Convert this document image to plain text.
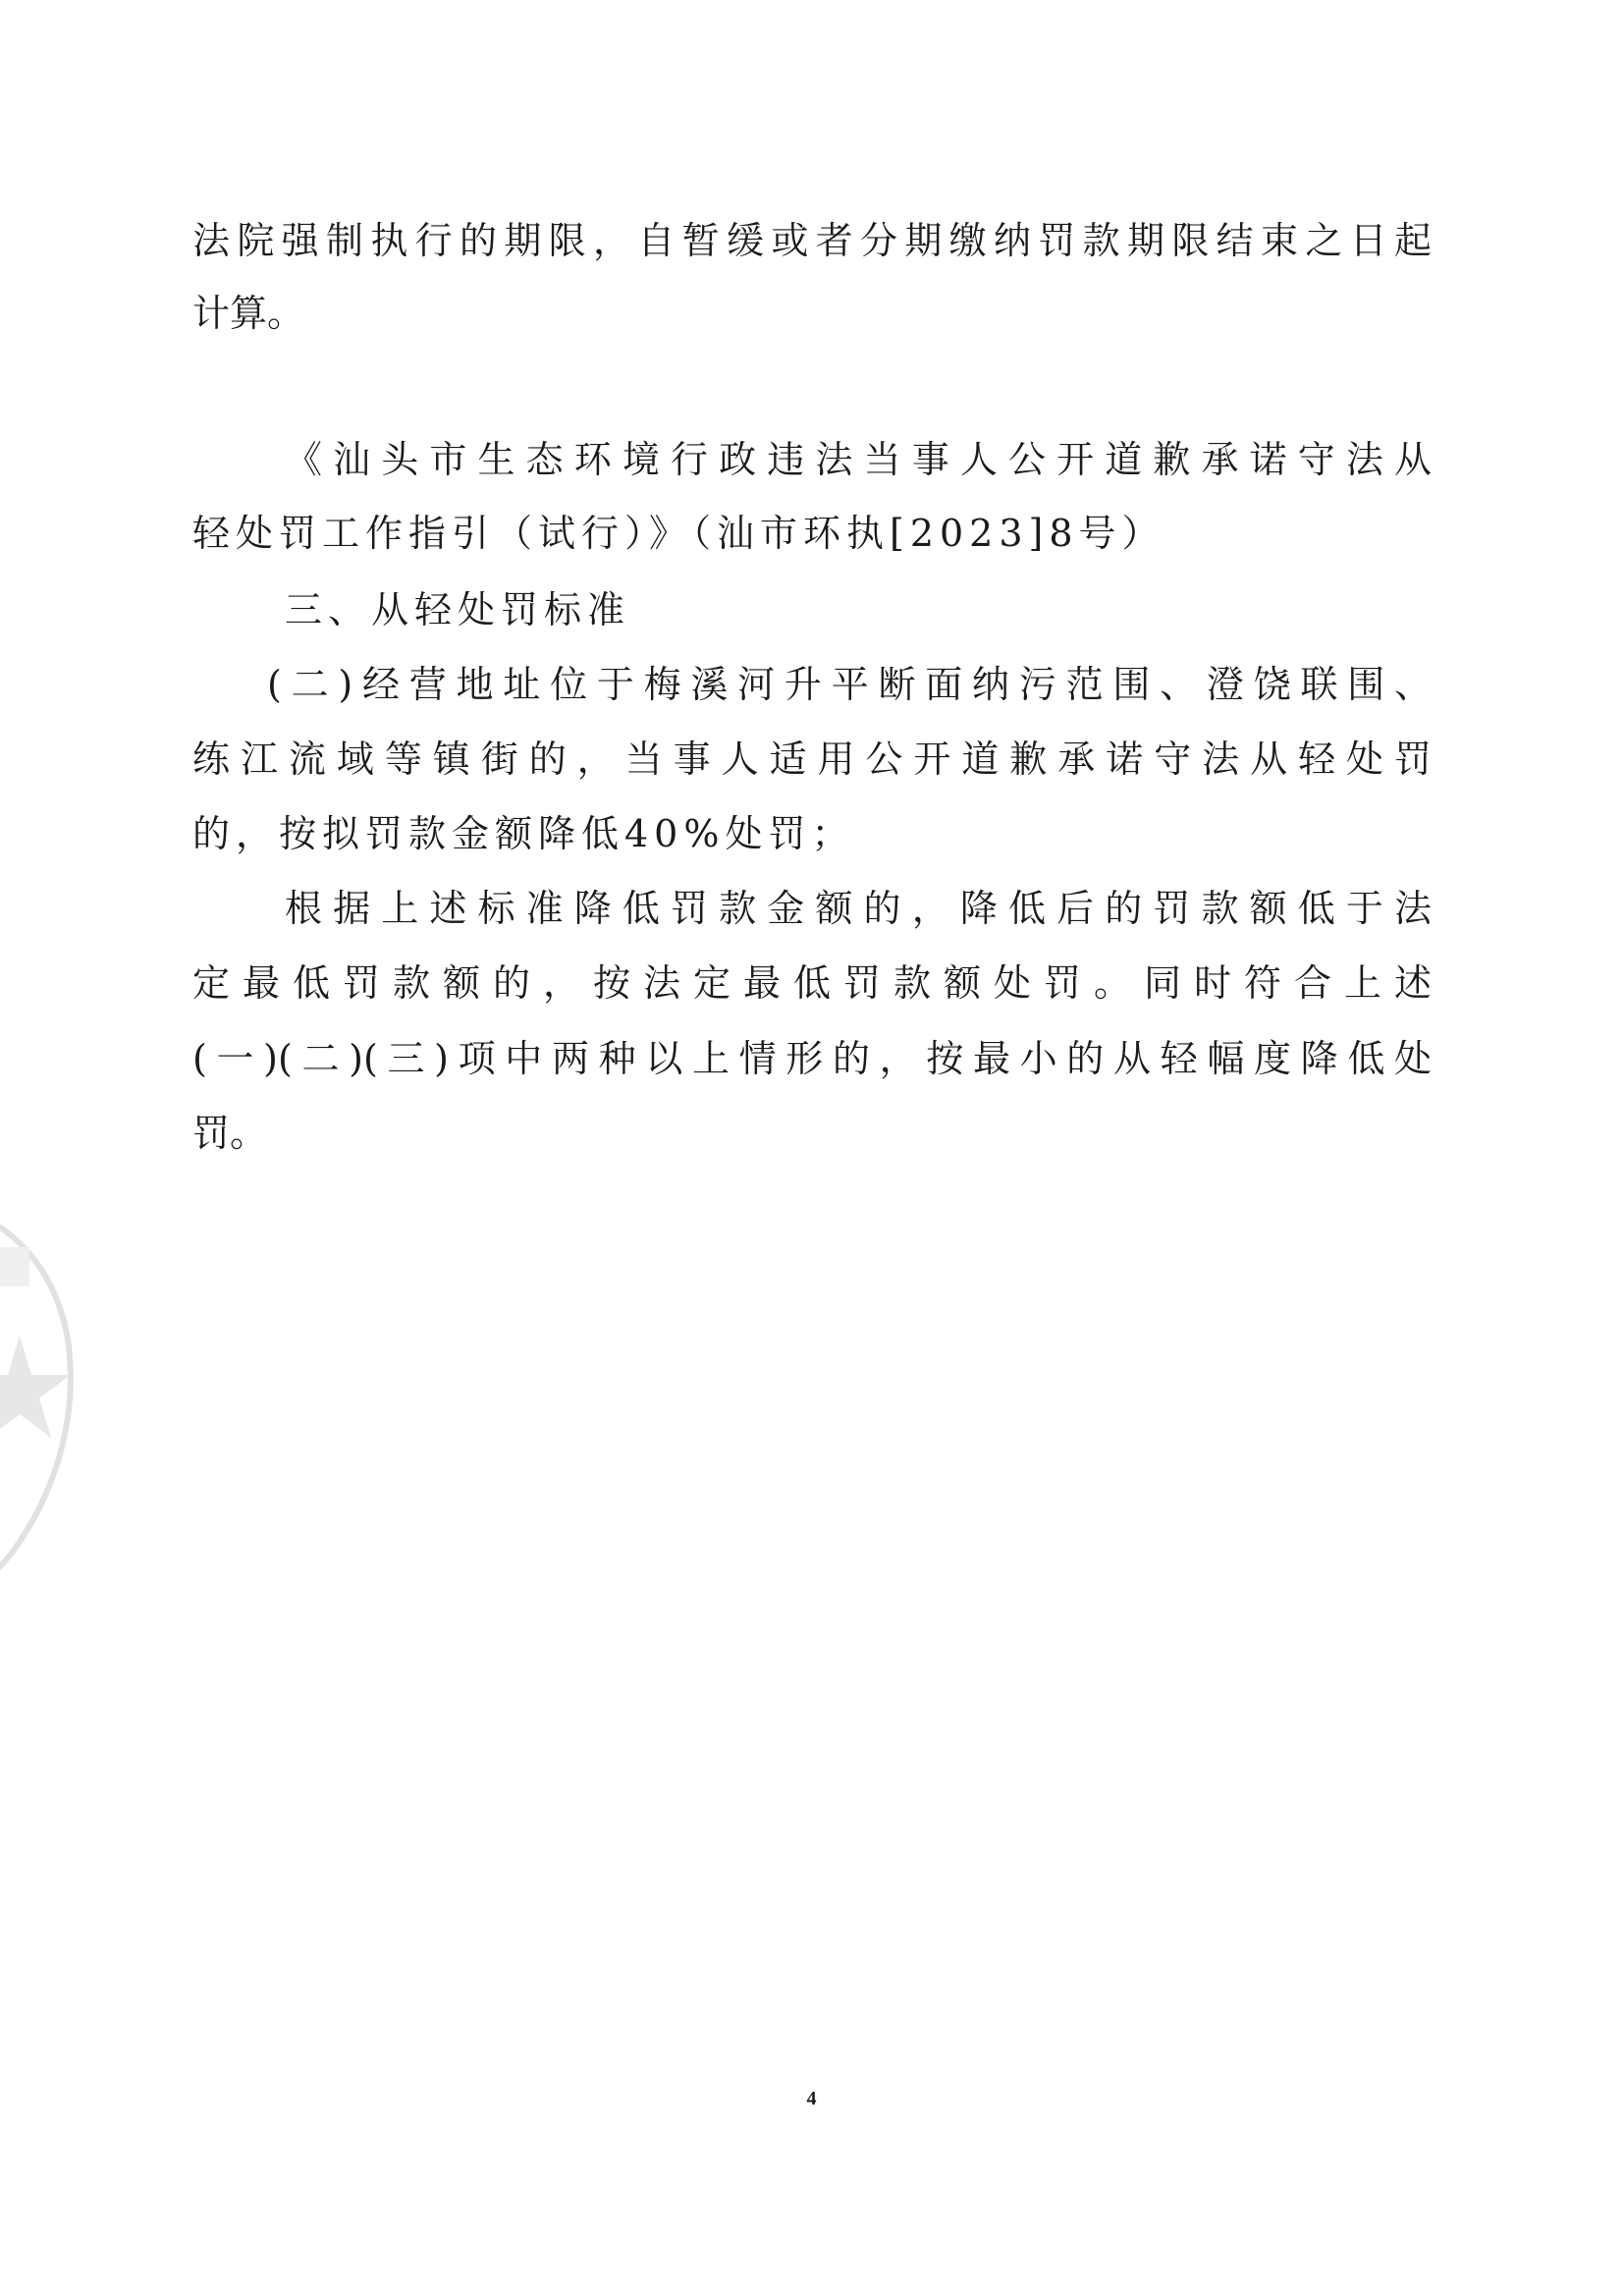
法院强制执行的期限，自暂缓或者分期缴纳罚款期限结束之日起
计算。
《汕头市生态环境行政违法当事人公开道歉承诺守法从
轻处罚工作指引（试行）》（汕市环执[2023]8号）
三、从轻处罚标准
(二)经营地址位于梅溪河升平断面纳污范围、澄饶联围、
练江流域等镇街的，当事人适用公开道歉承诺守法从轻处罚
的，按拟罚款金额降低40%处罚；
根据上述标准降低罚款金额的，降低后的罚款额低于法
定最低罚款额的，按法定最低罚款额处罚。同时符合上述
(一)(二)(三)项中两种以上情形的，按最小的从轻幅度降低处
罚。
4
